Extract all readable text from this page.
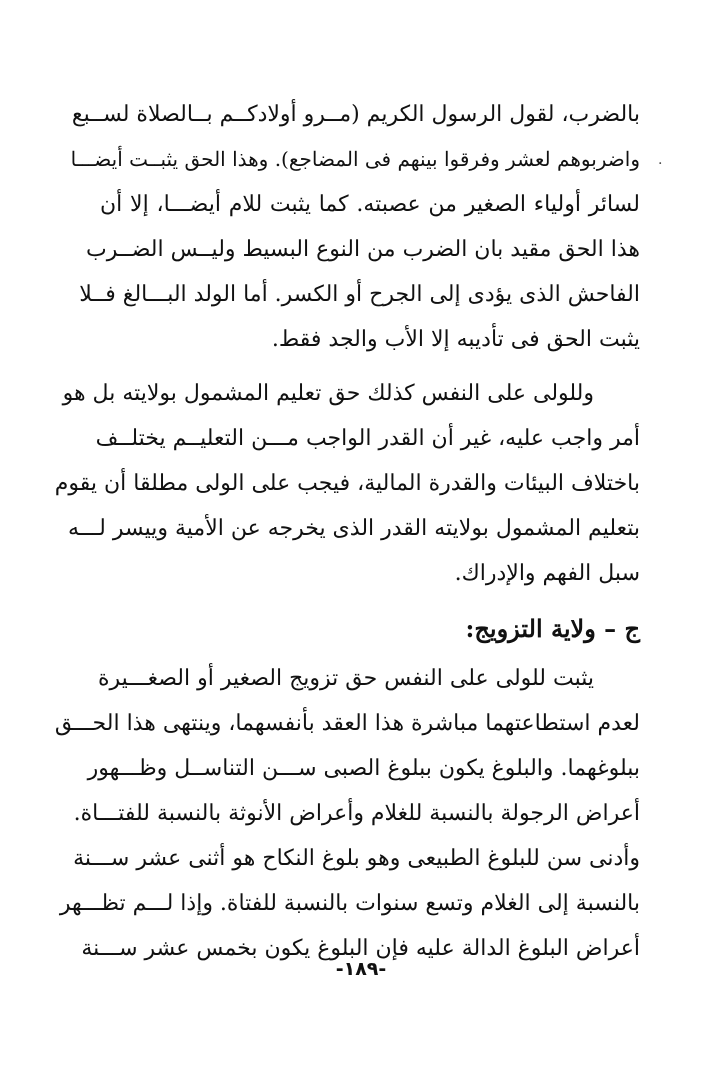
بالضرب، لقول الرسول الكريم (مــرو أولادكــم بــالصلاة لســبع

واضربوهم لعشر وفرقوا بينهم فى المضاجع). وهذا الحق يثبــت أيضـــا

لسائر أولياء الصغير من عصبته. كما يثبت للام أيضـــا، إلا أن

هذا الحق مقيد بان الضرب من النوع البسيط وليــس الضــرب

الفاحش الذى يؤدى إلى الجرح أو الكسر. أما الولد البـــالغ فــلا

يثبت الحق فى تأديبه إلا الأب والجد فقط.

وللولى على النفس كذلك حق تعليم المشمول بولايته بل هو

أمر واجب عليه، غير أن القدر الواجب مـــن التعليــم يختلــف

باختلاف البيئات والقدرة المالية، فيجب على الولى مطلقا أن يقوم

بتعليم المشمول بولايته القدر الذى يخرجه عن الأمية وييسر لـــه

سبل الفهم والإدراك.

ج – ولاية التزويج:

يثبت للولى على النفس حق تزويج الصغير أو الصغـــيرة

لعدم استطاعتهما مباشرة هذا العقد بأنفسهما، وينتهى هذا الحـــق

ببلوغهما. والبلوغ يكون ببلوغ الصبى ســـن التناســل وظـــهور

أعراض الرجولة بالنسبة للغلام وأعراض الأنوثة بالنسبة للفتـــاة.

وأدنى سن للبلوغ الطبيعى وهو بلوغ النكاح هو أثنى عشر ســـنة

بالنسبة إلى الغلام وتسع سنوات بالنسبة للفتاة. وإذا لـــم تظـــهر

أعراض البلوغ الدالة عليه فإن البلوغ يكون بخمس عشر ســـنة

.
-١٨٩-
